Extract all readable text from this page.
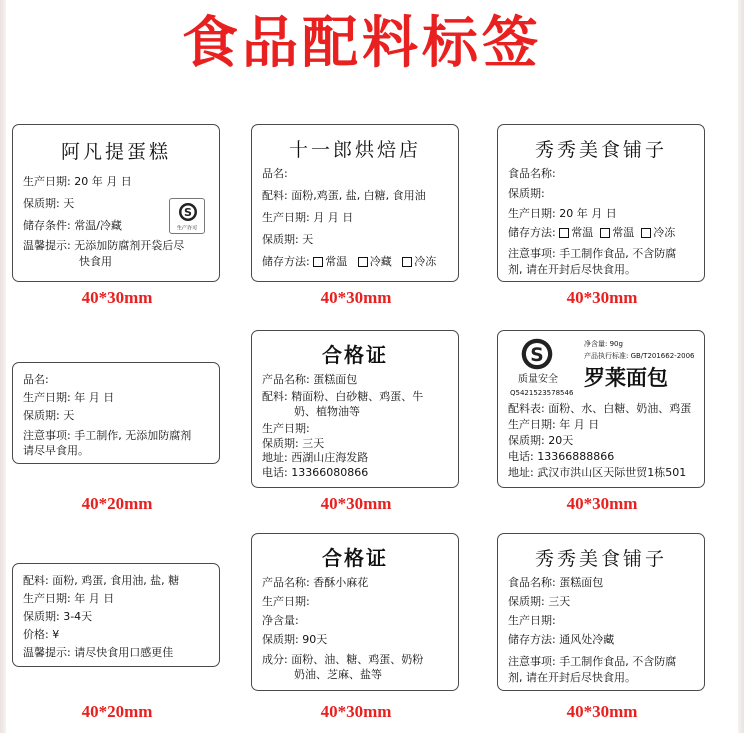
食品配料标签
阿凡提蛋糕
生产日期: 20 年 月 日
保质期: 天
储存条件: 常温/冷藏
温馨提示: 无添加防腐剂开袋后尽
快食用
S
生产许可
40*30mm
十一郎烘焙店
品名:
配料: 面粉,鸡蛋, 盐, 白糖, 食用油
生产日期: 月 月 日
保质期: 天
储存方法: 常温 冷藏 冷冻
40*30mm
秀秀美食铺子
食品名称:
保质期:
生产日期: 20 年 月 日
储存方法: 常温 常温 冷冻
注意事项: 手工制作食品, 不含防腐
剂, 请在开封后尽快食用。
40*30mm
品名:
生产日期: 年 月 日
保质期: 天
注意事项: 手工制作, 无添加防腐剂
请尽早食用。
40*20mm
合格证
产品名称: 蛋糕面包
配料: 精面粉、白砂糖、鸡蛋、牛
奶、植物油等
生产日期:
保质期: 三天
地址: 西湖山庄海发路
电话: 13366080866
40*30mm
S
质量安全
Q5421523578546
净含量: 90g
产品执行标准: GB/T201662-2006
罗莱面包
配料表: 面粉、水、白糖、奶油、鸡蛋
生产日期: 年 月 日
保质期: 20天
电话: 13366888866
地址: 武汉市洪山区天际世贸1栋501
40*30mm
配料: 面粉, 鸡蛋, 食用油, 盐, 糖
生产日期: 年 月 日
保质期: 3-4天
价格: ¥
温馨提示: 请尽快食用口感更佳
40*20mm
合格证
产品名称: 香酥小麻花
生产日期:
净含量:
保质期: 90天
成分: 面粉、油、糖、鸡蛋、奶粉
奶油、芝麻、盐等
40*30mm
秀秀美食铺子
食品名称: 蛋糕面包
保质期: 三天
生产日期:
储存方法: 通风处冷藏
注意事项: 手工制作食品, 不含防腐
剂, 请在开封后尽快食用。
40*30mm
